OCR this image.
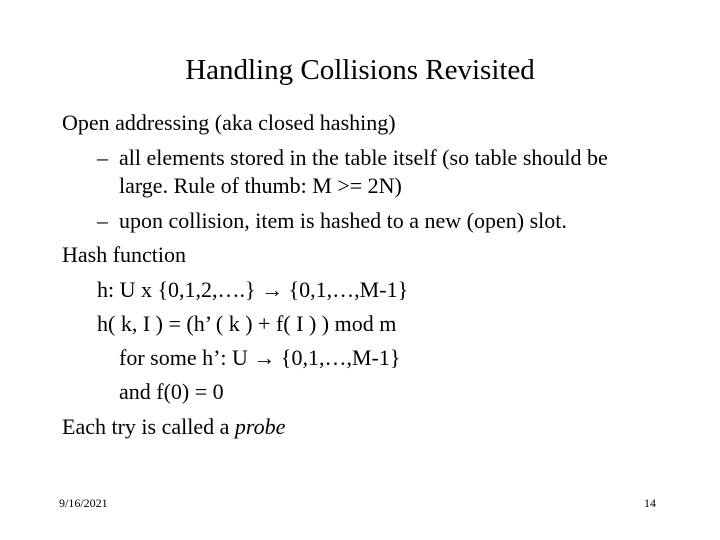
Handling Collisions Revisited
Open addressing (aka closed hashing)
– all elements stored in the table itself (so table should be
large. Rule of thumb: M >= 2N)
– upon collision, item is hashed to a new (open) slot.
Hash function
h: U x {0,1,2,….} → {0,1,…,M-1}
h( k, I ) = (h’ ( k ) + f( I ) ) mod m
for some h’: U → {0,1,…,M-1}
and f(0) = 0
Each try is called a probe
9/16/2021	14
